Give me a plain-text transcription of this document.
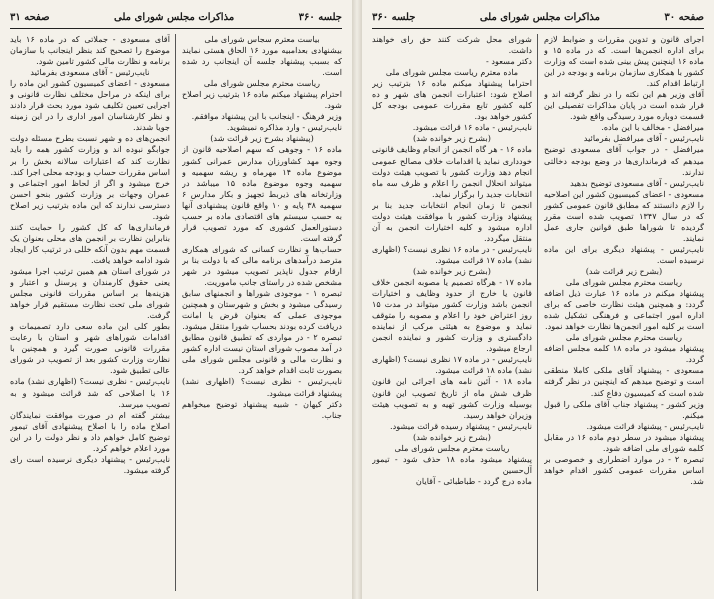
جلسه ۳۶۰
مذاکرات مجلس شورای ملی
صفحه ۳۱

بیاست معترم سجاس شورای ملی

بیشنهادی بعدامبیه مورد ۱۶ الحاق هستی نمایند که بسبب پیشنهاد جلسه آن اینجانب رد شده است.

ریاست محترم مجلس شورای ملی

احترام پیشنهاد میکنم ماده ۱۶ بترتیب زیر اصلاح شود.

وزیر فرهنگ - اینجانب با این پیشنهاد موافقم.

نایب‌رئیس - وارد مذاکره نمیشوید.

(پیشنهاد بشرح زیر قرائت شد)

ماده ۱۶ - وجوهی که سهم اصلاحیه قانون از وجوه مهد کشاورزان مدارس عمرانی کشور موضوع ماده ۱۴ مهرماه و ریشه سهمیه و سهمیه وجوه موضوع ماده ۱۵ میباشد در وزارتخانه های ذیربط تجهیز و بکار مدارس ۶ سهمیه ۳۸ پایه و ۱۰ واقع قانون پیشنهادی آنها به حسب سیستم های اقتصادی ماده بر حسب دستورالعمل کشوری که مورد تصویب قرار گرفته است.

حساب‌ها و نظارت کسانی که شورای همکاری مترصد درآمدهای برنامه مالی که با دولت بنا بر ارقام جدول ناپذیر تصویب میشود در شهر مشخص شده در راستای جانب ماموریت.

تبصره ۱ - موجودی شوراها و انجمنهای سابق رسیدگی میشود و بخش و شهرستان و همچنین موجودی عملی که بعنوان قرض یا امانت دریافت کرده بودند بحساب شورا منتقل میشود.

تبصره ۲ - در مواردی که تطبیق قانون مطابق در آمد مصوب شورای استان نیست اداره کشور و نظارت مالی و قانونی مجلس شورای ملی بصورت ثابت اقدام خواهد کرد.

نایب‌رئیس - نظری نیست؟ (اظهاری نشد) پیشنهاد قرائت میشود.

دکتر کیهان - شبیه پیشنهاد توضیح میخواهم جناب.

آقای مسعودی - جملاتی که در ماده ۱۶ باید موضوع را تصحیح کند بنظر اینجانب با سازمان برنامه و نظارت مالی کشور تامین شود.

نایب‌رئیس - آقای مسعودی بفرمائید

مسعودی - اعضای کمیسیون کشور این ماده را برای اینکه در مراحل مختلف نظارت قانونی و اجرایی تعیین تکلیف شود مورد بحث قرار دادند و نظر کارشناسان امور اداری را در این زمینه جویا شدند.

انجمن‌های ده و شهر نسبت بطرح مسئله دولت جوابگو نبوده اند و وزارت کشور همه را باید نظارت کند که اعتبارات سالانه بخش را بر اساس مقررات حساب و بودجه محلی اجرا کند.

خرج میشود و اگر از لحاظ امور اجتماعی و عمران وجهات بر وزارت کشور بنحو احسن دسترسی ندارند که این ماده بترتیب زیر اصلاح شود.

فرمانداری‌ها که کل کشور را حمایت کنند بنابراین نظارت بر انجمن های محلی بعنوان یک قسمت مهم بدون آنکه خللی در ترتیب کار ایجاد شود ادامه خواهد یافت.

در شورای استان هم همین ترتیب اجرا میشود یعنی حقوق کارمندان و پرسنل و اعتبار و هزینه‌ها بر اساس مقررات قانونی مجلس شورای ملی تحت نظارت مستقیم قرار خواهد گرفت.

بطور کلی این ماده سعی دارد تصمیمات و اقدامات شوراهای شهر و استان با رعایت مقررات قانونی صورت گیرد و همچنین با نظارت وزارت کشور بعد از تصویب در شورای عالی تطبیق شود.

نایب‌رئیس - نظری نیست؟ (اظهاری نشد) ماده ۱۶ با اصلاحی که شد قرائت میشود و به تصویب میرسد.

بیشتر گفته ام در صورت موافقت نمایندگان اصلاح ماده را با اصلاح پیشنهادی آقای تیمور توضیح کامل خواهم داد و نظر دولت را در این مورد اعلام خواهم کرد.

نایب‌رئیس - پیشنهاد دیگری نرسیده است رای گرفته میشود.

صفحه ۳۰
مذاکرات مجلس شورای ملی
جلسه ۳۶۰

اجرای قانون و تدوین مقررات و ضوابط لازم برای اداره انجمن‌ها است. که در ماده ۱۵ و ماده ۱۶ اینچنین پیش بینی شده است که وزارت کشور با همکاری سازمان برنامه و بودجه در این ارتباط اقدام کند.

آقای وزیر هم این نکته را در نظر گرفته اند و قرار شده است در پایان مذاکرات تفصیلی این قسمت دوباره مورد رسیدگی واقع شود.

میرافضل - مخالف با این ماده.

نایب‌رئیس - آقای میرافضل بفرمائید

میرافضل - در جواب آقای مسعودی توضیح میدهم که فرمانداری‌ها در وضع بودجه دخالتی ندارند.

نایب‌رئیس - آقای مسعودی توضیح بدهید

مسعودی - اعضای کمیسیون کشور این اصلاحیه را لازم دانستند که مطابق قانون عمومی کشور که در سال ۱۳۴۷ تصویب شده است مقرر گردیده تا شوراها طبق قوانین جاری عمل نمایند.

نایب‌رئیس - پیشنهاد دیگری برای این ماده نرسیده است.

(بشرح زیر قرائت شد)

ریاست محترم مجلس شورای ملی

پیشنهاد میکنم در ماده ۱۶ عبارت ذیل اضافه گردد: و همچنین هیئت نظارت خاصی که برای اداره امور اجتماعی و فرهنگی تشکیل شده است بر کلیه امور انجمن‌ها نظارت خواهد نمود.

ریاست محترم مجلس شورای ملی

پیشنهاد میشود در ماده ۱۸ کلمه مجلس اضافه گردد.

مسعودی - پیشنهاد آقای ملکی کاملا منطقی است و توضیح میدهم که اینچنین در نظر گرفته شده است که کمیسیون دفاع کند.

وزیر کشور - پیشنهاد جناب آقای ملکی را قبول میکنم.

نایب‌رئیس - پیشنهاد قرائت میشود.

پیشنهاد میشود در سطر دوم ماده ۱۶ در مقابل کلمه شورای ملی اضافه شود.

تبصره ۲ - در موارد اضطراری و خصوصی بر اساس مقررات عمومی کشور اقدام خواهد شد.

شورای محل شرکت کنند حق رای خواهند داشت.

دکتر مسعود -

ماده معترم ریاست مجلس شورای ملی

احتراما پیشنهاد میکنم ماده ۱۶ بترتیب زیر اصلاح شود: اعتبارات انجمن های شهر و ده کلیه کشور تابع مقررات عمومی بودجه کل کشور خواهد بود.

نایب‌رئیس - ماده ۱۶ قرائت میشود.

(بشرح زیر خوانده شد)

ماده ۱۶ - هر گاه انجمن از انجام وظایف قانونی خودداری نماید یا اقدامات خلاف مصالح عمومی انجام دهد وزارت کشور با تصویب هیئت دولت میتواند انحلال انجمن را اعلام و ظرف سه ماه انتخابات جدید را برگزار نماید.

انجمن تا زمان انجام انتخابات جدید بنا بر پیشنهاد وزارت کشور با موافقت هیئت دولت اداره میشود و کلیه اختیارات انجمن به آن منتقل میگردد.

نایب‌رئیس - در ماده ۱۶ نظری نیست؟ (اظهاری نشد) ماده ۱۷ قرائت میشود.

(بشرح زیر خوانده شد)

ماده ۱۷ - هرگاه تصمیم یا مصوبه انجمن خلاف قانون یا خارج از حدود وظایف و اختیارات انجمن باشد وزارت کشور میتواند در مدت ۱۵ روز اعتراض خود را اعلام و مصوبه را متوقف نماید و موضوع به هیئتی مرکب از نماینده دادگستری و وزارت کشور و نماینده انجمن ارجاع میشود.

نایب‌رئیس - در ماده ۱۷ نظری نیست؟ (اظهاری نشد) ماده ۱۸ قرائت میشود.

ماده ۱۸ - آئین نامه های اجرائی این قانون ظرف شش ماه از تاریخ تصویب این قانون بوسیله وزارت کشور تهیه و به تصویب هیئت وزیران خواهد رسید.

نایب‌رئیس - پیشنهاد رسیده قرائت میشود.

(بشرح زیر خوانده شد)

ریاست معترم مجلس شورای ملی

پیشنهاد میشود ماده ۱۸ حذف شود - تیمور آل‌حسین

ماده درج گردد - طباطبائی - آقایان
